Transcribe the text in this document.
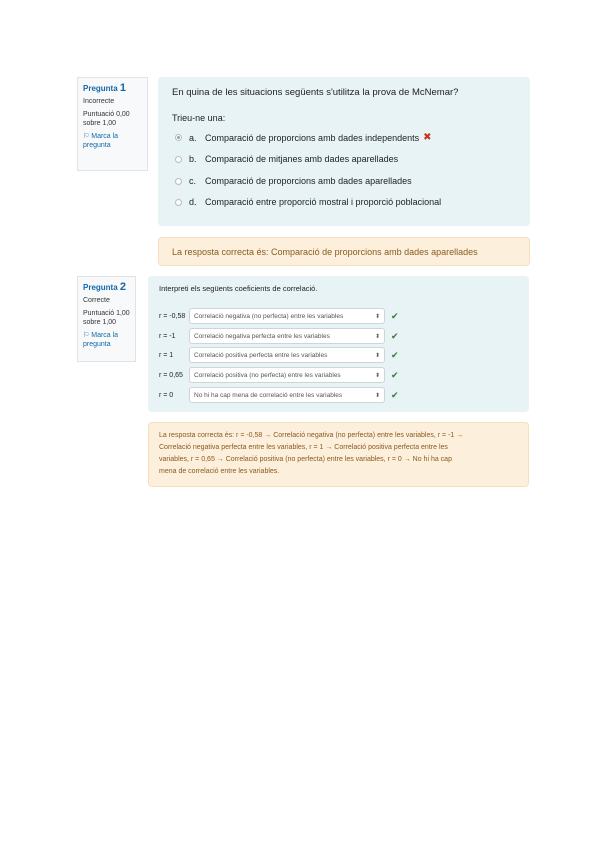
Pregunta 1
Incorrecte
Puntuació 0,00
sobre 1,00
⚐ Marca la
pregunta
En quina de les situacions següents s'utilitza la prova de McNemar?
Trieu-ne una:
a. Comparació de proporcions amb dades independents ✖
b. Comparació de mitjanes amb dades aparellades
c. Comparació de proporcions amb dades aparellades
d. Comparació entre proporció mostral i proporció poblacional
La resposta correcta és: Comparació de proporcions amb dades aparellades
Pregunta 2
Correcte
Puntuació 1,00
sobre 1,00
⚐ Marca la
pregunta
Interpreti els següents coeficients de correlació.
r = -0,58	Correlació negativa (no perfecta) entre les variables	⬍ ✔
r = -1	Correlació negativa perfecta entre les variables	⬍ ✔
r = 1	Correlació positiva perfecta entre les variables	⬍ ✔
r = 0,65	Correlació positiva (no perfecta) entre les variables	⬍ ✔
r = 0	No hi ha cap mena de correlació entre les variables	⬍ ✔
La resposta correcta és: r = -0,58 → Correlació negativa (no perfecta) entre les variables, r = -1 →
Correlació negativa perfecta entre les variables, r = 1 → Correlació positiva perfecta entre les
variables, r = 0,65 → Correlació positiva (no perfecta) entre les variables, r = 0 → No hi ha cap
mena de correlació entre les variables.
